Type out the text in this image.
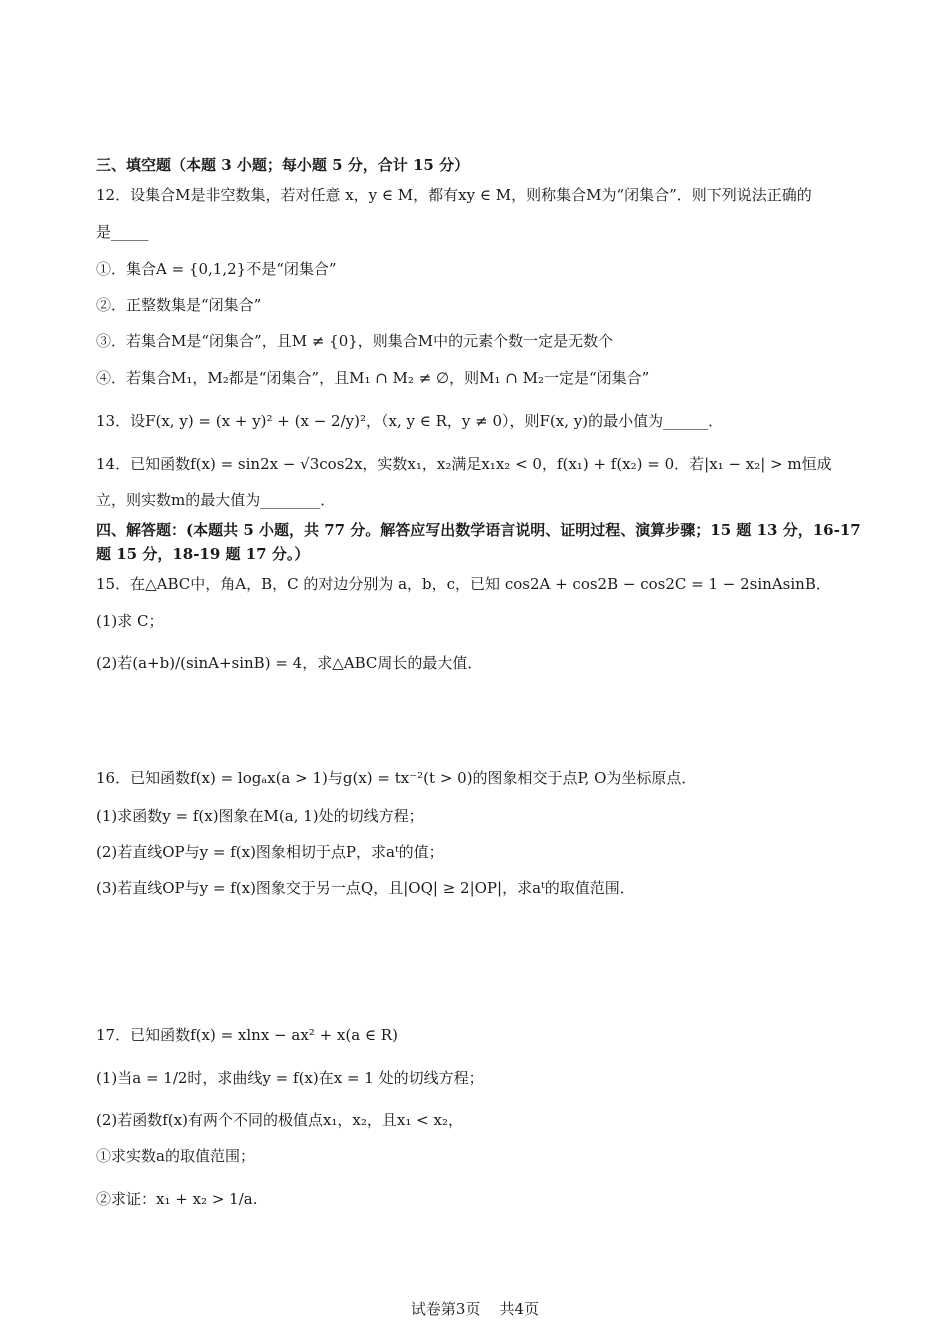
三、填空题（本题 3 小题；每小题 5 分，合计 15 分）
12．设集合M是非空数集，若对任意 x，y ∈ M，都有xy ∈ M，则称集合M为“闭集合”．则下列说法正确的
是_____
①．集合A = {0,1,2}不是“闭集合”
②．正整数集是“闭集合”
③．若集合M是“闭集合”，且M ≠ {0}，则集合M中的元素个数一定是无数个
④．若集合M₁，M₂都是“闭集合”，且M₁ ∩ M₂ ≠ ∅，则M₁ ∩ M₂一定是“闭集合”
13．设F(x, y) = (x + y)² + (x − 2/y)²，（x, y ∈ R，y ≠ 0），则F(x, y)的最小值为______．
14．已知函数f(x) = sin2x − √3cos2x，实数x₁，x₂满足x₁x₂ < 0，f(x₁) + f(x₂) = 0．若|x₁ − x₂| > m恒成
立，则实数m的最大值为________．
四、解答题：(本题共 5 小题，共 77 分。解答应写出数学语言说明、证明过程、演算步骤；15 题 13 分，16-17
题 15 分，18-19 题 17 分。）
15．在△ABC中，角A，B，C 的对边分别为 a，b，c，已知 cos2A + cos2B − cos2C = 1 − 2sinAsinB．
(1)求 C；
(2)若(a+b)/(sinA+sinB) = 4，求△ABC周长的最大值．
16．已知函数f(x) = logₐx(a > 1)与g(x) = tx⁻²(t > 0)的图象相交于点P, O为坐标原点．
(1)求函数y = f(x)图象在M(a, 1)处的切线方程；
(2)若直线OP与y = f(x)图象相切于点P，求aᵗ的值；
(3)若直线OP与y = f(x)图象交于另一点Q，且|OQ| ≥ 2|OP|，求aᵗ的取值范围．
17．已知函数f(x) = xlnx − ax² + x(a ∈ R)
(1)当a = 1/2时，求曲线y = f(x)在x = 1 处的切线方程；
(2)若函数f(x)有两个不同的极值点x₁，x₂，且x₁ < x₂，
①求实数a的取值范围；
②求证：x₁ + x₂ > 1/a.
试卷第3页    共4页
